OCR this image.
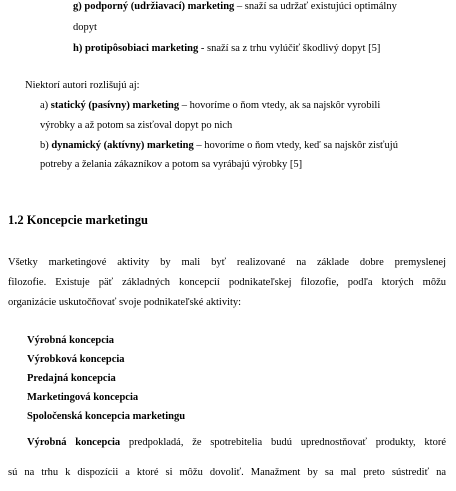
g) podporný (udržiavací) marketing – snaží sa udržať existujúci optimálny
dopyt
h) protipôsobiaci marketing - snaží sa z trhu vylúčiť škodlivý dopyt [5]
Niektorí autori rozlišujú aj:
a) statický (pasívny) marketing – hovoríme o ňom vtedy, ak sa najskôr vyrobili
výrobky a až potom sa zisťoval dopyt po nich
b) dynamický (aktívny) marketing – hovoríme o ňom vtedy, keď sa najskôr zisťujú
potreby a želania zákazníkov a potom sa vyrábajú výrobky [5]
1.2 Koncepcie marketingu
Všetky marketingové aktivity by mali byť realizované na základe dobre premyslenej
filozofie. Existuje päť základných koncepcií podnikateľskej filozofie, podľa ktorých môžu
organizácie uskutočňovať svoje podnikateľské aktivity:
Výrobná koncepcia
Výrobková koncepcia
Predajná koncepcia
Marketingová koncepcia
Spoločenská koncepcia marketingu
Výrobná koncepcia predpokladá, že spotrebitelia budú uprednostňovať produkty, ktoré
sú na trhu k dispozícii a ktoré si môžu dovoliť. Manažment by sa mal preto sústrediť na
